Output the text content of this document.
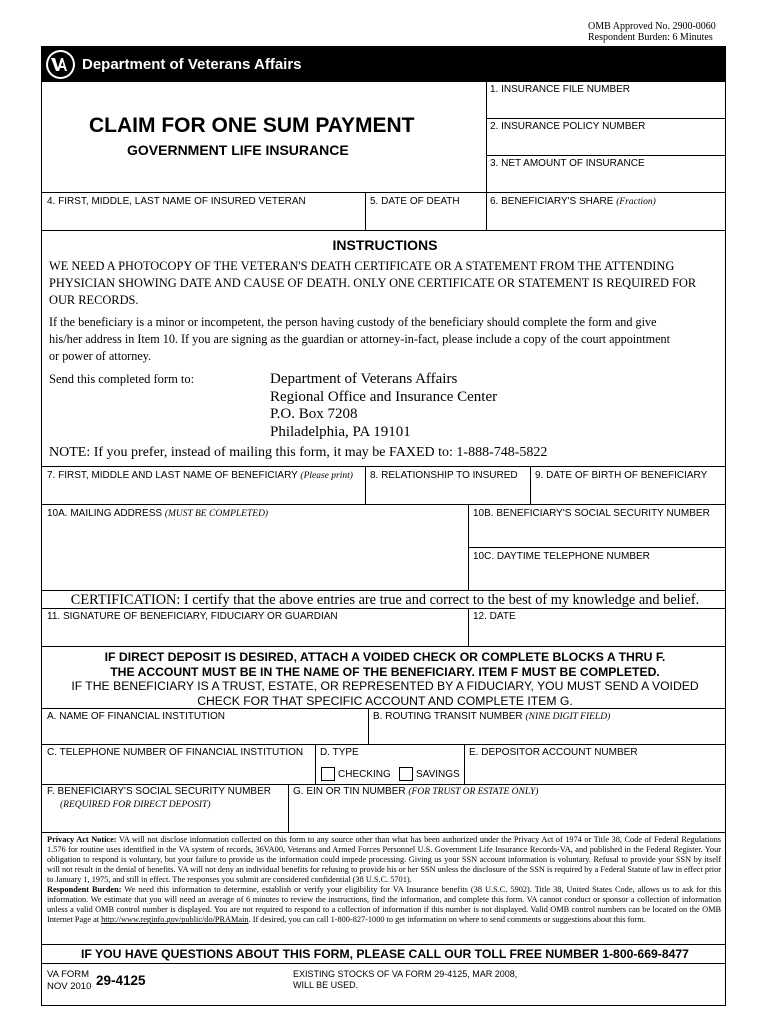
OMB Approved No. 2900-0060
Respondent Burden: 6 Minutes
Department of Veterans Affairs
CLAIM FOR ONE SUM PAYMENT
GOVERNMENT LIFE INSURANCE
1. INSURANCE FILE NUMBER
2. INSURANCE POLICY NUMBER
3. NET AMOUNT OF INSURANCE
4. FIRST, MIDDLE, LAST NAME OF INSURED VETERAN	5. DATE OF DEATH	6. BENEFICIARY'S SHARE (Fraction)
INSTRUCTIONS
WE NEED A PHOTOCOPY OF THE VETERAN'S DEATH CERTIFICATE OR A STATEMENT FROM THE ATTENDING
PHYSICIAN SHOWING DATE AND CAUSE OF DEATH. ONLY ONE CERTIFICATE OR STATEMENT IS REQUIRED FOR
OUR RECORDS.
If the beneficiary is a minor or incompetent, the person having custody of the beneficiary should complete the form and give
his/her address in Item 10. If you are signing as the guardian or attorney-in-fact, please include a copy of the court appointment
or power of attorney.
Send this completed form to:	Department of Veterans Affairs
Regional Office and Insurance Center
P.O. Box 7208
Philadelphia, PA 19101
NOTE: If you prefer, instead of mailing this form, it may be FAXED to: 1-888-748-5822
7. FIRST, MIDDLE AND LAST NAME OF BENEFICIARY (Please print) 8. RELATIONSHIP TO INSURED 9. DATE OF BIRTH OF BENEFICIARY
10A. MAILING ADDRESS (MUST BE COMPLETED)	10B. BENEFICIARY'S SOCIAL SECURITY NUMBER
10C. DAYTIME TELEPHONE NUMBER
CERTIFICATION: I certify that the above entries are true and correct to the best of my knowledge and belief.
11. SIGNATURE OF BENEFICIARY, FIDUCIARY OR GUARDIAN	12. DATE
IF DIRECT DEPOSIT IS DESIRED, ATTACH A VOIDED CHECK OR COMPLETE BLOCKS A THRU F.
THE ACCOUNT MUST BE IN THE NAME OF THE BENEFICIARY. ITEM F MUST BE COMPLETED.
IF THE BENEFICIARY IS A TRUST, ESTATE, OR REPRESENTED BY A FIDUCIARY, YOU MUST SEND A VOIDED
CHECK FOR THAT SPECIFIC ACCOUNT AND COMPLETE ITEM G.
A. NAME OF FINANCIAL INSTITUTION	B. ROUTING TRANSIT NUMBER (NINE DIGIT FIELD)
C. TELEPHONE NUMBER OF FINANCIAL INSTITUTION D. TYPE
CHECKING	SAVINGS
E. DEPOSITOR ACCOUNT NUMBER
F. BENEFICIARY'S SOCIAL SECURITY NUMBER
(REQUIRED FOR DIRECT DEPOSIT)
G. EIN OR TIN NUMBER (FOR TRUST OR ESTATE ONLY)
Privacy Act Notice: VA will not disclose information collected on this form to any source other than what has been authorized under the Privacy Act of 1974 or Title 38, Code of Federal Regulations 1.576 for routine uses identified in the VA system of records, 36VA00, Veterans and Armed Forces Personnel U.S. Government Life Insurance Records-VA, and published in the Federal Register. Your obligation to respond is voluntary, but your failure to provide us the information could impede processing. Giving us your SSN account information is voluntary. Refusal to provide your SSN by itself will not result in the denial of benefits. VA will not deny an individual benefits for refusing to provide his or her SSN unless the disclosure of the SSN is required by a Federal Statute of law in effect prior to January 1, 1975, and still in effect. The responses you submit are considered confidential (38 U.S.C. 5701).
Respondent Burden: We need this information to determine, establish or verify your eligibility for VA Insurance benefits (38 U.S.C. 5902). Title 38, United States Code, allows us to ask for this information. We estimate that you will need an average of 6 minutes to review the instructions, find the information, and complete this form. VA cannot conduct or sponsor a collection of information unless a valid OMB control number is displayed. You are not required to respond to a collection of information if this number is not displayed. Valid OMB control numbers can be located on the OMB Internet Page at http://www.reginfo.gov/public/do/PRAMain. If desired, you can call 1-800-827-1000 to get information on where to send comments or suggestions about this form.
IF YOU HAVE QUESTIONS ABOUT THIS FORM, PLEASE CALL OUR TOLL FREE NUMBER 1-800-669-8477
VA FORM
NOV 2010 29-4125	EXISTING STOCKS OF VA FORM 29-4125, MAR 2008,
WILL BE USED.
